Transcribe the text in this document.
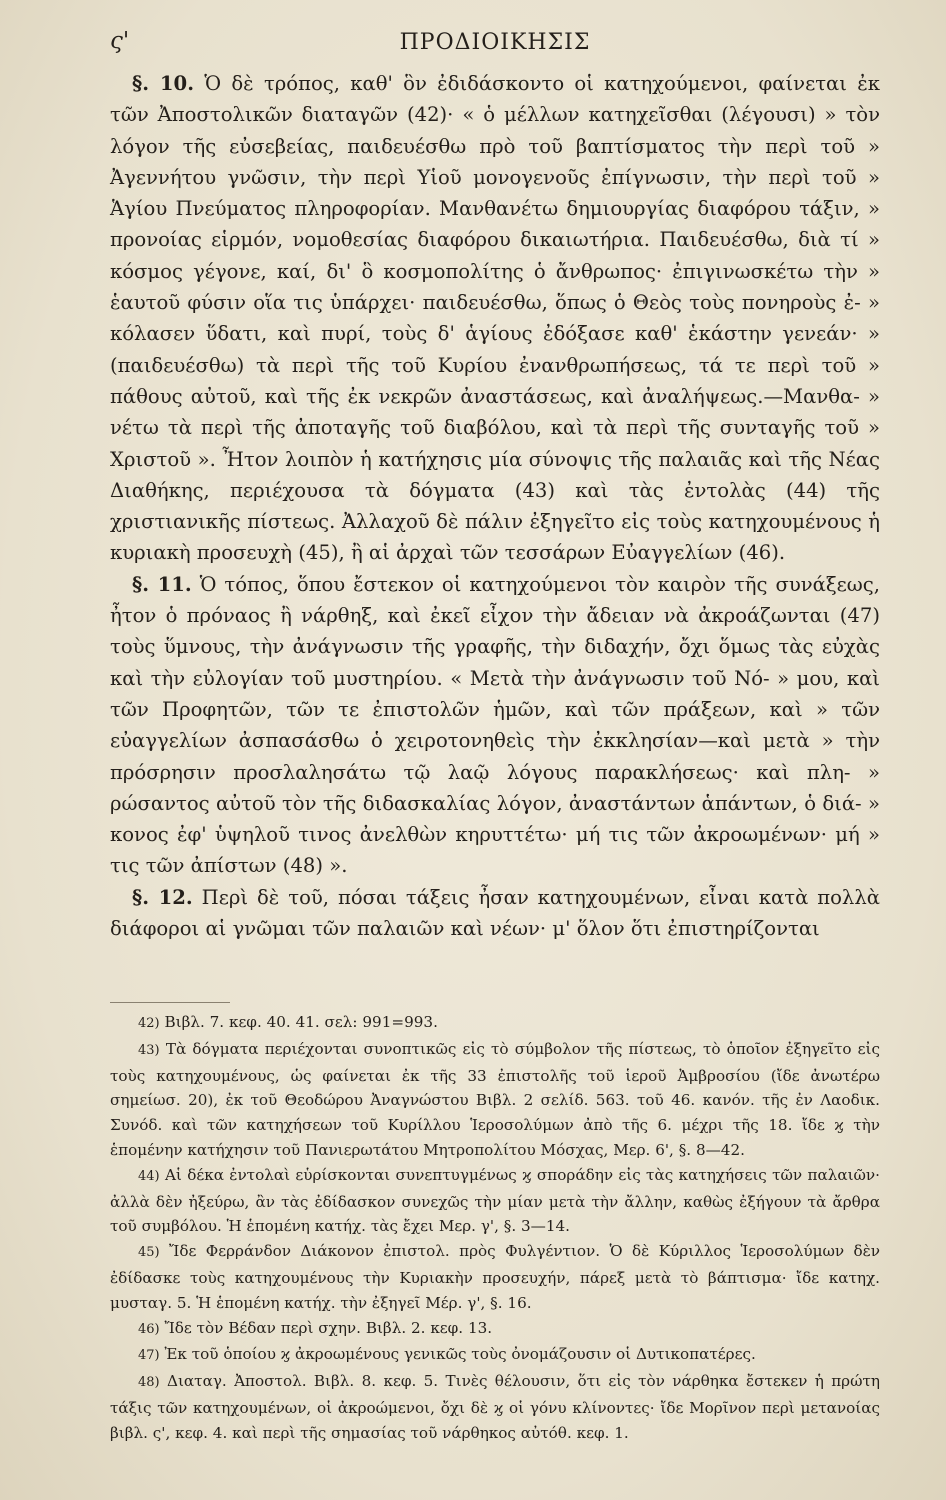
ς'	ΠΡΟΔΙΟΙΚΗΣΙΣ

§. 10. Ὁ δὲ τρόπος, καθ' ὃν ἐδιδάσκοντο οἱ κατηχούμενοι, φαίνεται ἐκ τῶν Ἀποστολικῶν διαταγῶν (42)· « ὁ μέλλων κατηχεῖσθαι (λέγουσι) » τὸν λόγον τῆς εὐσεβείας, παιδευέσθω πρὸ τοῦ βαπτίσματος τὴν περὶ τοῦ » Ἀγεννήτου γνῶσιν, τὴν περὶ Υἱοῦ μονογενοῦς ἐπίγνωσιν, τὴν περὶ τοῦ » Ἁγίου Πνεύματος πληροφορίαν. Μανθανέτω δημιουργίας διαφόρου τάξιν, » προνοίας εἱρμόν, νομοθεσίας διαφόρου δικαιωτήρια. Παιδευέσθω, διὰ τί » κόσμος γέγονε, καί, δι' ὃ κοσμοπολίτης ὁ ἄνθρωπος· ἐπιγινωσκέτω τὴν » ἑαυτοῦ φύσιν οἵα τις ὑπάρχει· παιδευέσθω, ὅπως ὁ Θεὸς τοὺς πονηροὺς ἐ- » κόλασεν ὕδατι, καὶ πυρί, τοὺς δ' ἁγίους ἐδόξασε καθ' ἑκάστην γενεάν· » (παιδευέσθω) τὰ περὶ τῆς τοῦ Κυρίου ἐνανθρωπήσεως, τά τε περὶ τοῦ » πάθους αὐτοῦ, καὶ τῆς ἐκ νεκρῶν ἀναστάσεως, καὶ ἀναλήψεως.—Μανθα- » νέτω τὰ περὶ τῆς ἀποταγῆς τοῦ διαβόλου, καὶ τὰ περὶ τῆς συνταγῆς τοῦ » Χριστοῦ ». Ἦτον λοιπὸν ἡ κατήχησις μία σύνοψις τῆς παλαιᾶς καὶ τῆς Νέας Διαθήκης, περιέχουσα τὰ δόγματα (43) καὶ τὰς ἐντολὰς (44) τῆς χριστιανικῆς πίστεως. Ἀλλαχοῦ δὲ πάλιν ἐξηγεῖτο εἰς τοὺς κατηχουμένους ἡ κυριακὴ προσευχὴ (45), ἢ αἱ ἀρχαὶ τῶν τεσσάρων Εὐαγγελίων (46).

§. 11. Ὁ τόπος, ὅπου ἔστεκον οἱ κατηχούμενοι τὸν καιρὸν τῆς συνάξεως, ἦτον ὁ πρόναος ἢ νάρθηξ, καὶ ἐκεῖ εἶχον τὴν ἄδειαν νὰ ἀκροάζωνται (47) τοὺς ὕμνους, τὴν ἀνάγνωσιν τῆς γραφῆς, τὴν διδαχήν, ὄχι ὅμως τὰς εὐχὰς καὶ τὴν εὐλογίαν τοῦ μυστηρίου. « Μετὰ τὴν ἀνάγνωσιν τοῦ Νό- » μου, καὶ τῶν Προφητῶν, τῶν τε ἐπιστολῶν ἡμῶν, καὶ τῶν πράξεων, καὶ » τῶν εὐαγγελίων ἀσπασάσθω ὁ χειροτονηθεὶς τὴν ἐκκλησίαν—καὶ μετὰ » τὴν πρόσρησιν προσλαλησάτω τῷ λαῷ λόγους παρακλήσεως· καὶ πλη- » ρώσαντος αὐτοῦ τὸν τῆς διδασκαλίας λόγον, ἀναστάντων ἁπάντων, ὁ διά- » κονος ἐφ' ὑψηλοῦ τινος ἀνελθὼν κηρυττέτω· μή τις τῶν ἀκροωμένων· μή » τις τῶν ἀπίστων (48) ».

§. 12. Περὶ δὲ τοῦ, πόσαι τάξεις ἦσαν κατηχουμένων, εἶναι κατὰ πολλὰ διάφοροι αἱ γνῶμαι τῶν παλαιῶν καὶ νέων· μ' ὅλον ὅτι ἐπιστηρίζονται

42) Βιβλ. 7. κεφ. 40. 41. σελ: 991=993.

43) Τὰ δόγματα περιέχονται συνοπτικῶς εἰς τὸ σύμβολον τῆς πίστεως, τὸ ὁποῖον ἐξηγεῖτο εἰς τοὺς κατηχουμένους, ὡς φαίνεται ἐκ τῆς 33 ἐπιστολῆς τοῦ ἱεροῦ Ἀμβροσίου (ἴδε ἀνωτέρω σημείωσ. 20), ἐκ τοῦ Θεοδώρου Ἀναγνώστου Βιβλ. 2 σελίδ. 563. τοῦ 46. κανόν. τῆς ἐν Λαοδικ. Συνόδ. καὶ τῶν κατηχήσεων τοῦ Κυρίλλου Ἱεροσολύμων ἀπὸ τῆς 6. μέχρι τῆς 18. ἴδε ϗ τὴν ἑπομένην κατήχησιν τοῦ Πανιερωτάτου Μητροπολίτου Μόσχας, Μερ. 6', §. 8—42.

44) Αἱ δέκα ἐντολαὶ εὑρίσκονται συνεπτυγμένως ϗ σποράδην εἰς τὰς κατηχήσεις τῶν παλαιῶν· ἀλλὰ δὲν ἠξεύρω, ἂν τὰς ἐδίδασκον συνεχῶς τὴν μίαν μετὰ τὴν ἄλλην, καθὼς ἐξήγουν τὰ ἄρθρα τοῦ συμβόλου. Ἡ ἑπομένη κατήχ. τὰς ἔχει Μερ. γ', §. 3—14.

45) Ἴδε Φερράνδον Διάκονον ἐπιστολ. πρὸς Φυλγέντιον. Ὁ δὲ Κύριλλος Ἱεροσολύμων δὲν ἐδίδασκε τοὺς κατηχουμένους τὴν Κυριακὴν προσευχήν, πάρεξ μετὰ τὸ βάπτισμα· ἴδε κατηχ. μυσταγ. 5. Ἡ ἑπομένη κατήχ. τὴν ἐξηγεῖ Μέρ. γ', §. 16.

46) Ἴδε τὸν Βέδαν περὶ σχην. Βιβλ. 2. κεφ. 13.

47) Ἐκ τοῦ ὁποίου ϗ ἀκροωμένους γενικῶς τοὺς ὀνομάζουσιν οἱ Δυτικοπατέρες.

48) Διαταγ. Ἀποστολ. Βιβλ. 8. κεφ. 5. Τινὲς θέλουσιν, ὅτι εἰς τὸν νάρθηκα ἔστεκεν ἡ πρώτη τάξις τῶν κατηχουμένων, οἱ ἀκροώμενοι, ὄχι δὲ ϗ οἱ γόνυ κλίνοντες· ἴδε Μορῖνον περὶ μετανοίας βιβλ. ς', κεφ. 4. καὶ περὶ τῆς σημασίας τοῦ νάρθηκος αὐτόθ. κεφ. 1.
